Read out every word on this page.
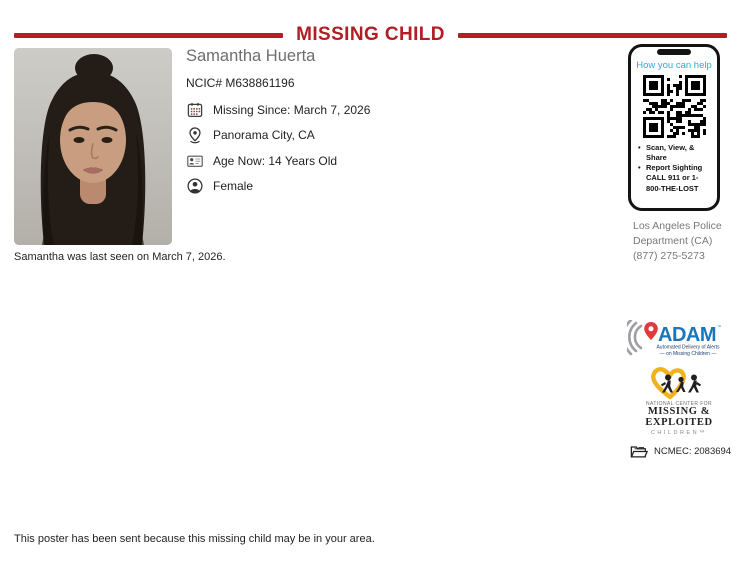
MISSING CHILD
Samantha was last seen on March 7, 2026.
Samantha Huerta
NCIC# M638861196
Missing Since: March 7, 2026
Panorama City, CA
Age Now: 14 Years Old
Female
How you can help
• Scan, View, & Share
• Report Sighting CALL 911 or 1-800-THE-LOST
Los Angeles Police
Department (CA)
(877) 275-5273
ADAM ™
Automated Delivery of Alerts
— on Missing Children —
NATIONAL CENTER FOR
MISSING &
EXPLOITED
CHILDREN™
NCMEC: 2083694
This poster has been sent because this missing child may be in your area.
